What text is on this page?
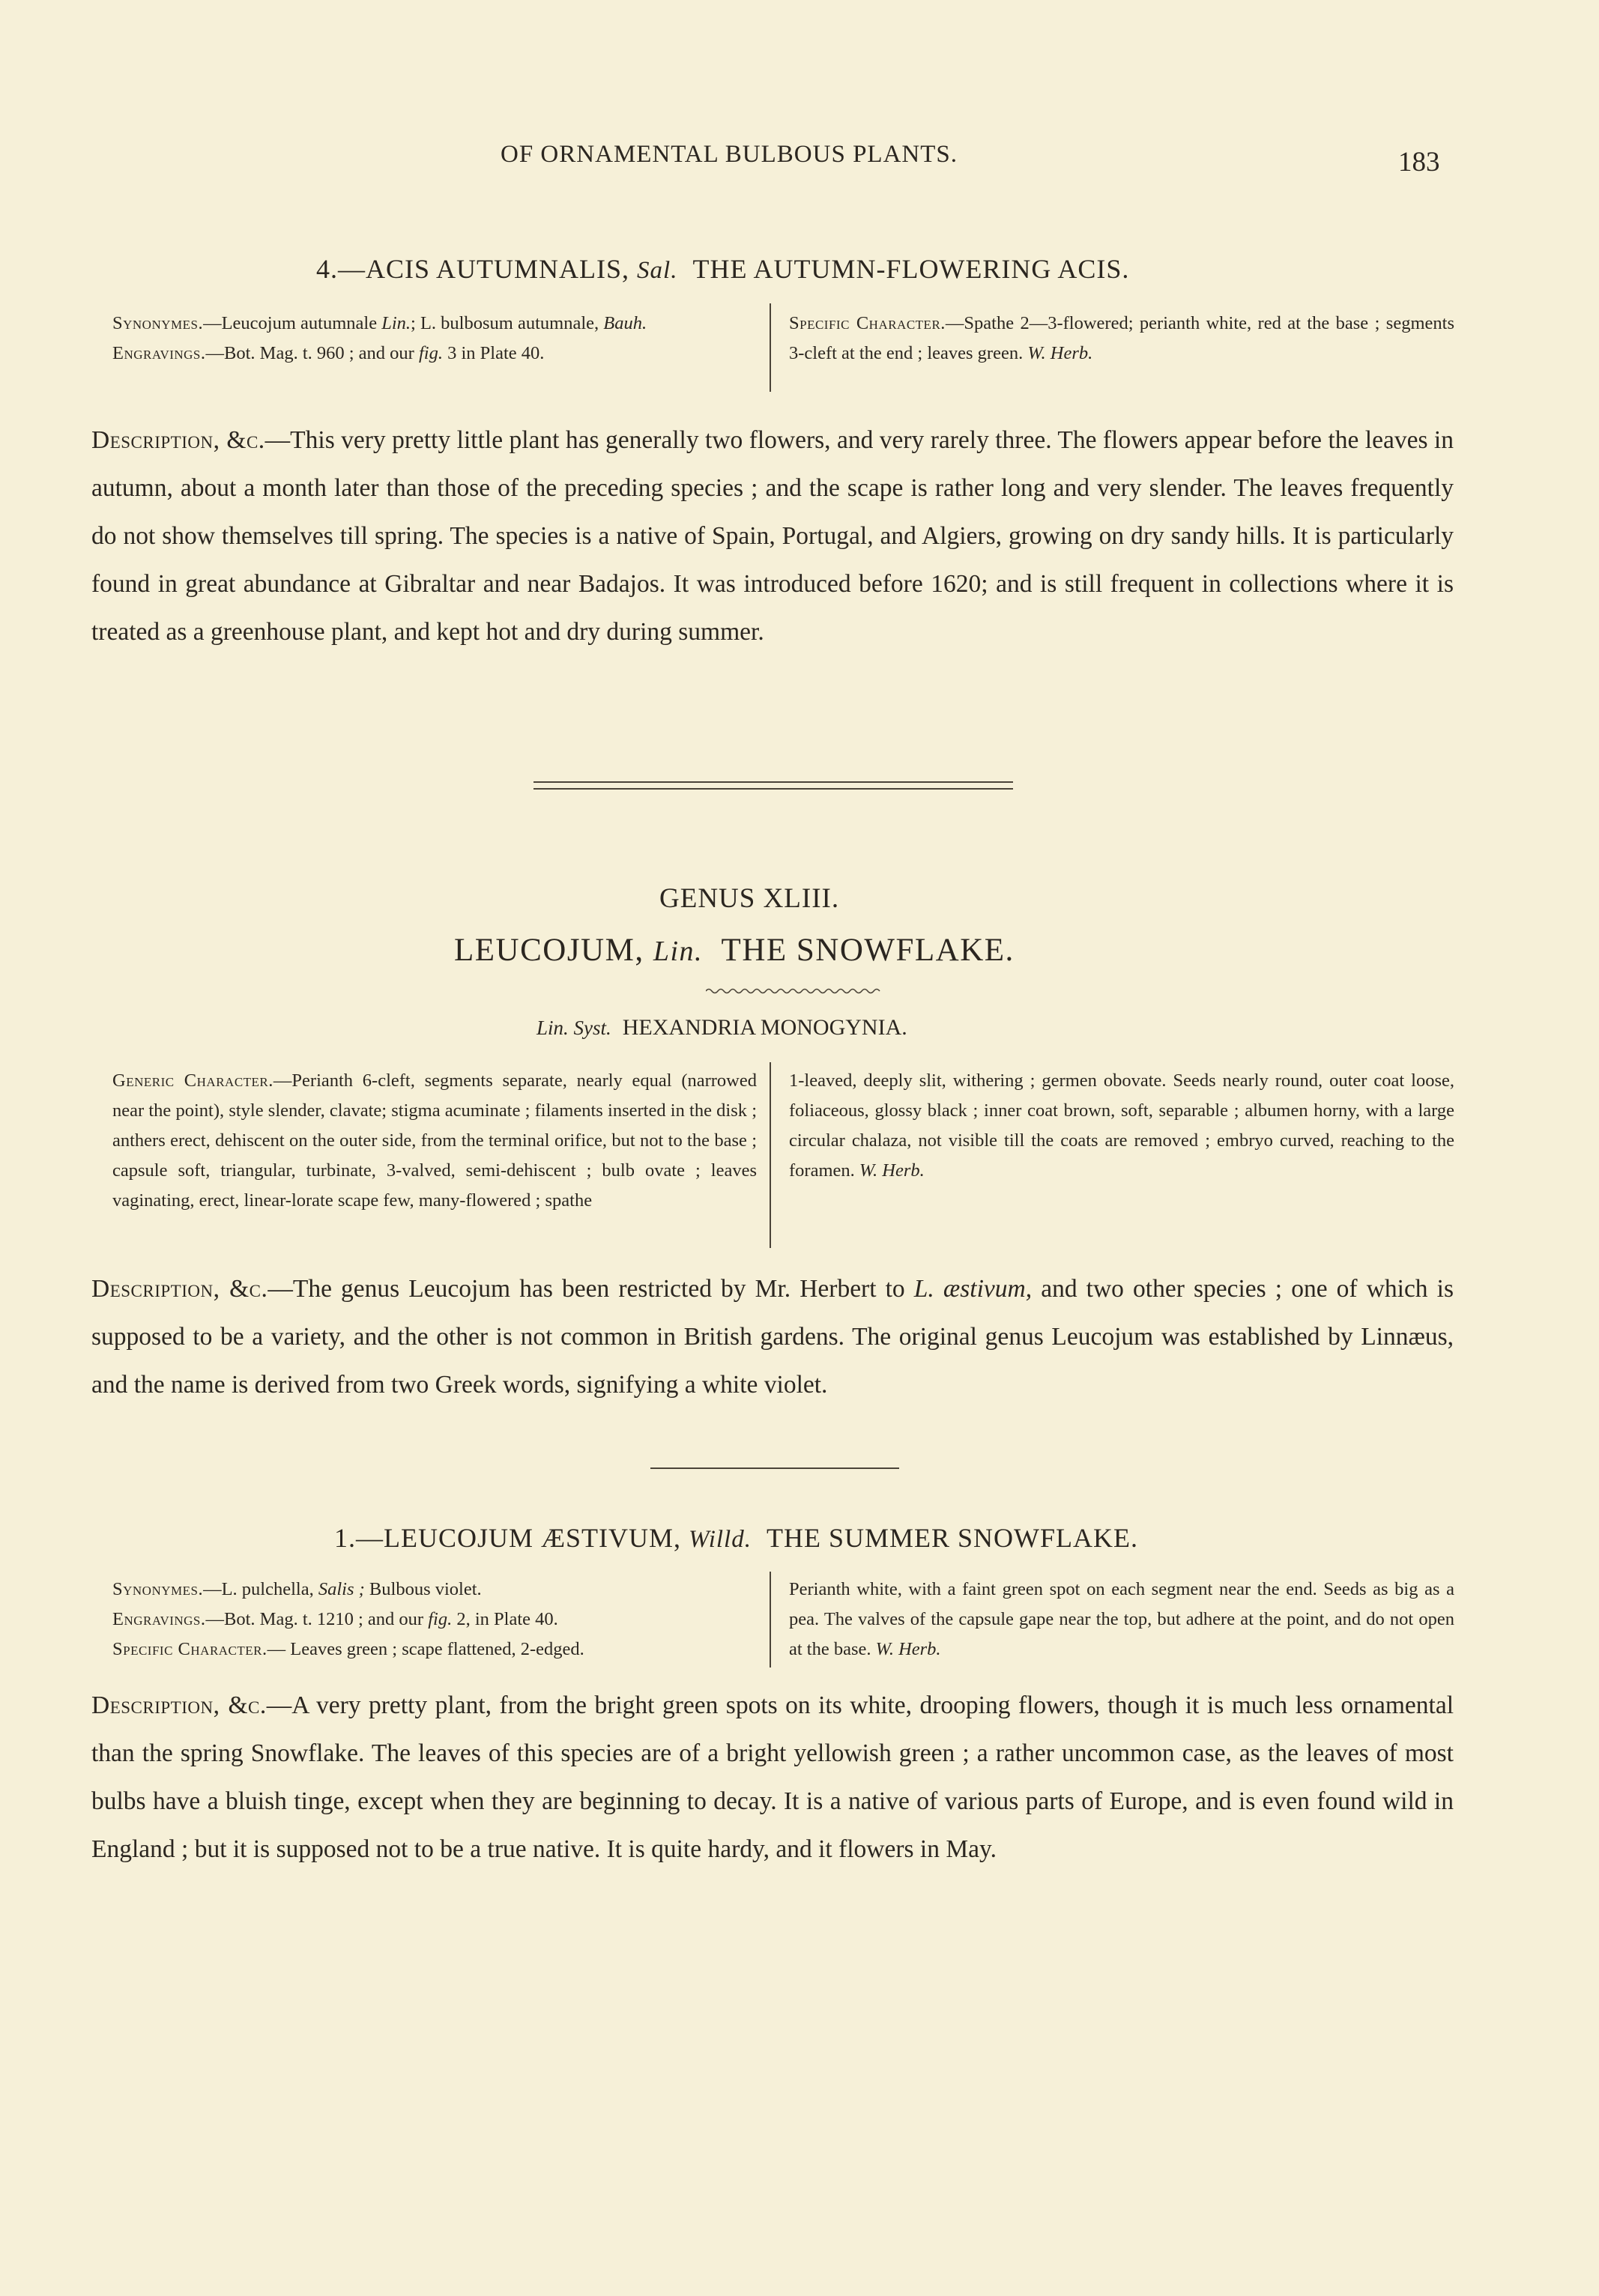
OF ORNAMENTAL BULBOUS PLANTS.	183
4.—ACIS AUTUMNALIS, Sal. THE AUTUMN-FLOWERING ACIS.

Synonymes.—Leucojum autumnale Lin.; L. bulbosum autumnale, Bauh.

Engravings.—Bot. Mag. t. 960 ; and our fig. 3 in Plate 40.

Specific Character.—Spathe 2—3-flowered; perianth white, red at the base ; segments 3-cleft at the end ; leaves green. W. Herb.

Description, &c.—This very pretty little plant has generally two flowers, and very rarely three. The flowers appear before the leaves in autumn, about a month later than those of the preceding species ; and the scape is rather long and very slender. The leaves frequently do not show themselves till spring. The species is a native of Spain, Portugal, and Algiers, growing on dry sandy hills. It is particularly found in great abundance at Gibraltar and near Badajos. It was introduced before 1620; and is still frequent in collections where it is treated as a greenhouse plant, and kept hot and dry during summer.

GENUS XLIII.
LEUCOJUM, Lin. THE SNOWFLAKE.
Lin. Syst. HEXANDRIA MONOGYNIA.

Generic Character.—Perianth 6-cleft, segments separate, nearly equal (narrowed near the point), style slender, clavate; stigma acuminate ; filaments inserted in the disk ; anthers erect, dehiscent on the outer side, from the terminal orifice, but not to the base ; capsule soft, triangular, turbinate, 3-valved, semi-dehiscent ; bulb ovate ; leaves vaginating, erect, linear-lorate scape few, many-flowered ; spathe

1-leaved, deeply slit, withering ; germen obovate. Seeds nearly round, outer coat loose, foliaceous, glossy black ; inner coat brown, soft, separable ; albumen horny, with a large circular chalaza, not visible till the coats are removed ; embryo curved, reaching to the foramen. W. Herb.

Description, &c.—The genus Leucojum has been restricted by Mr. Herbert to L. æstivum, and two other species ; one of which is supposed to be a variety, and the other is not common in British gardens. The original genus Leucojum was established by Linnæus, and the name is derived from two Greek words, signifying a white violet.

1.—LEUCOJUM ÆSTIVUM, Willd. THE SUMMER SNOWFLAKE.

Synonymes.—L. pulchella, Salis ; Bulbous violet.

Engravings.—Bot. Mag. t. 1210 ; and our fig. 2, in Plate 40.

Specific Character.— Leaves green ; scape flattened, 2-edged.

Perianth white, with a faint green spot on each segment near the end. Seeds as big as a pea. The valves of the capsule gape near the top, but adhere at the point, and do not open at the base. W. Herb.

Description, &c.—A very pretty plant, from the bright green spots on its white, drooping flowers, though it is much less ornamental than the spring Snowflake. The leaves of this species are of a bright yellowish green ; a rather uncommon case, as the leaves of most bulbs have a bluish tinge, except when they are beginning to decay. It is a native of various parts of Europe, and is even found wild in England ; but it is supposed not to be a true native. It is quite hardy, and it flowers in May.
